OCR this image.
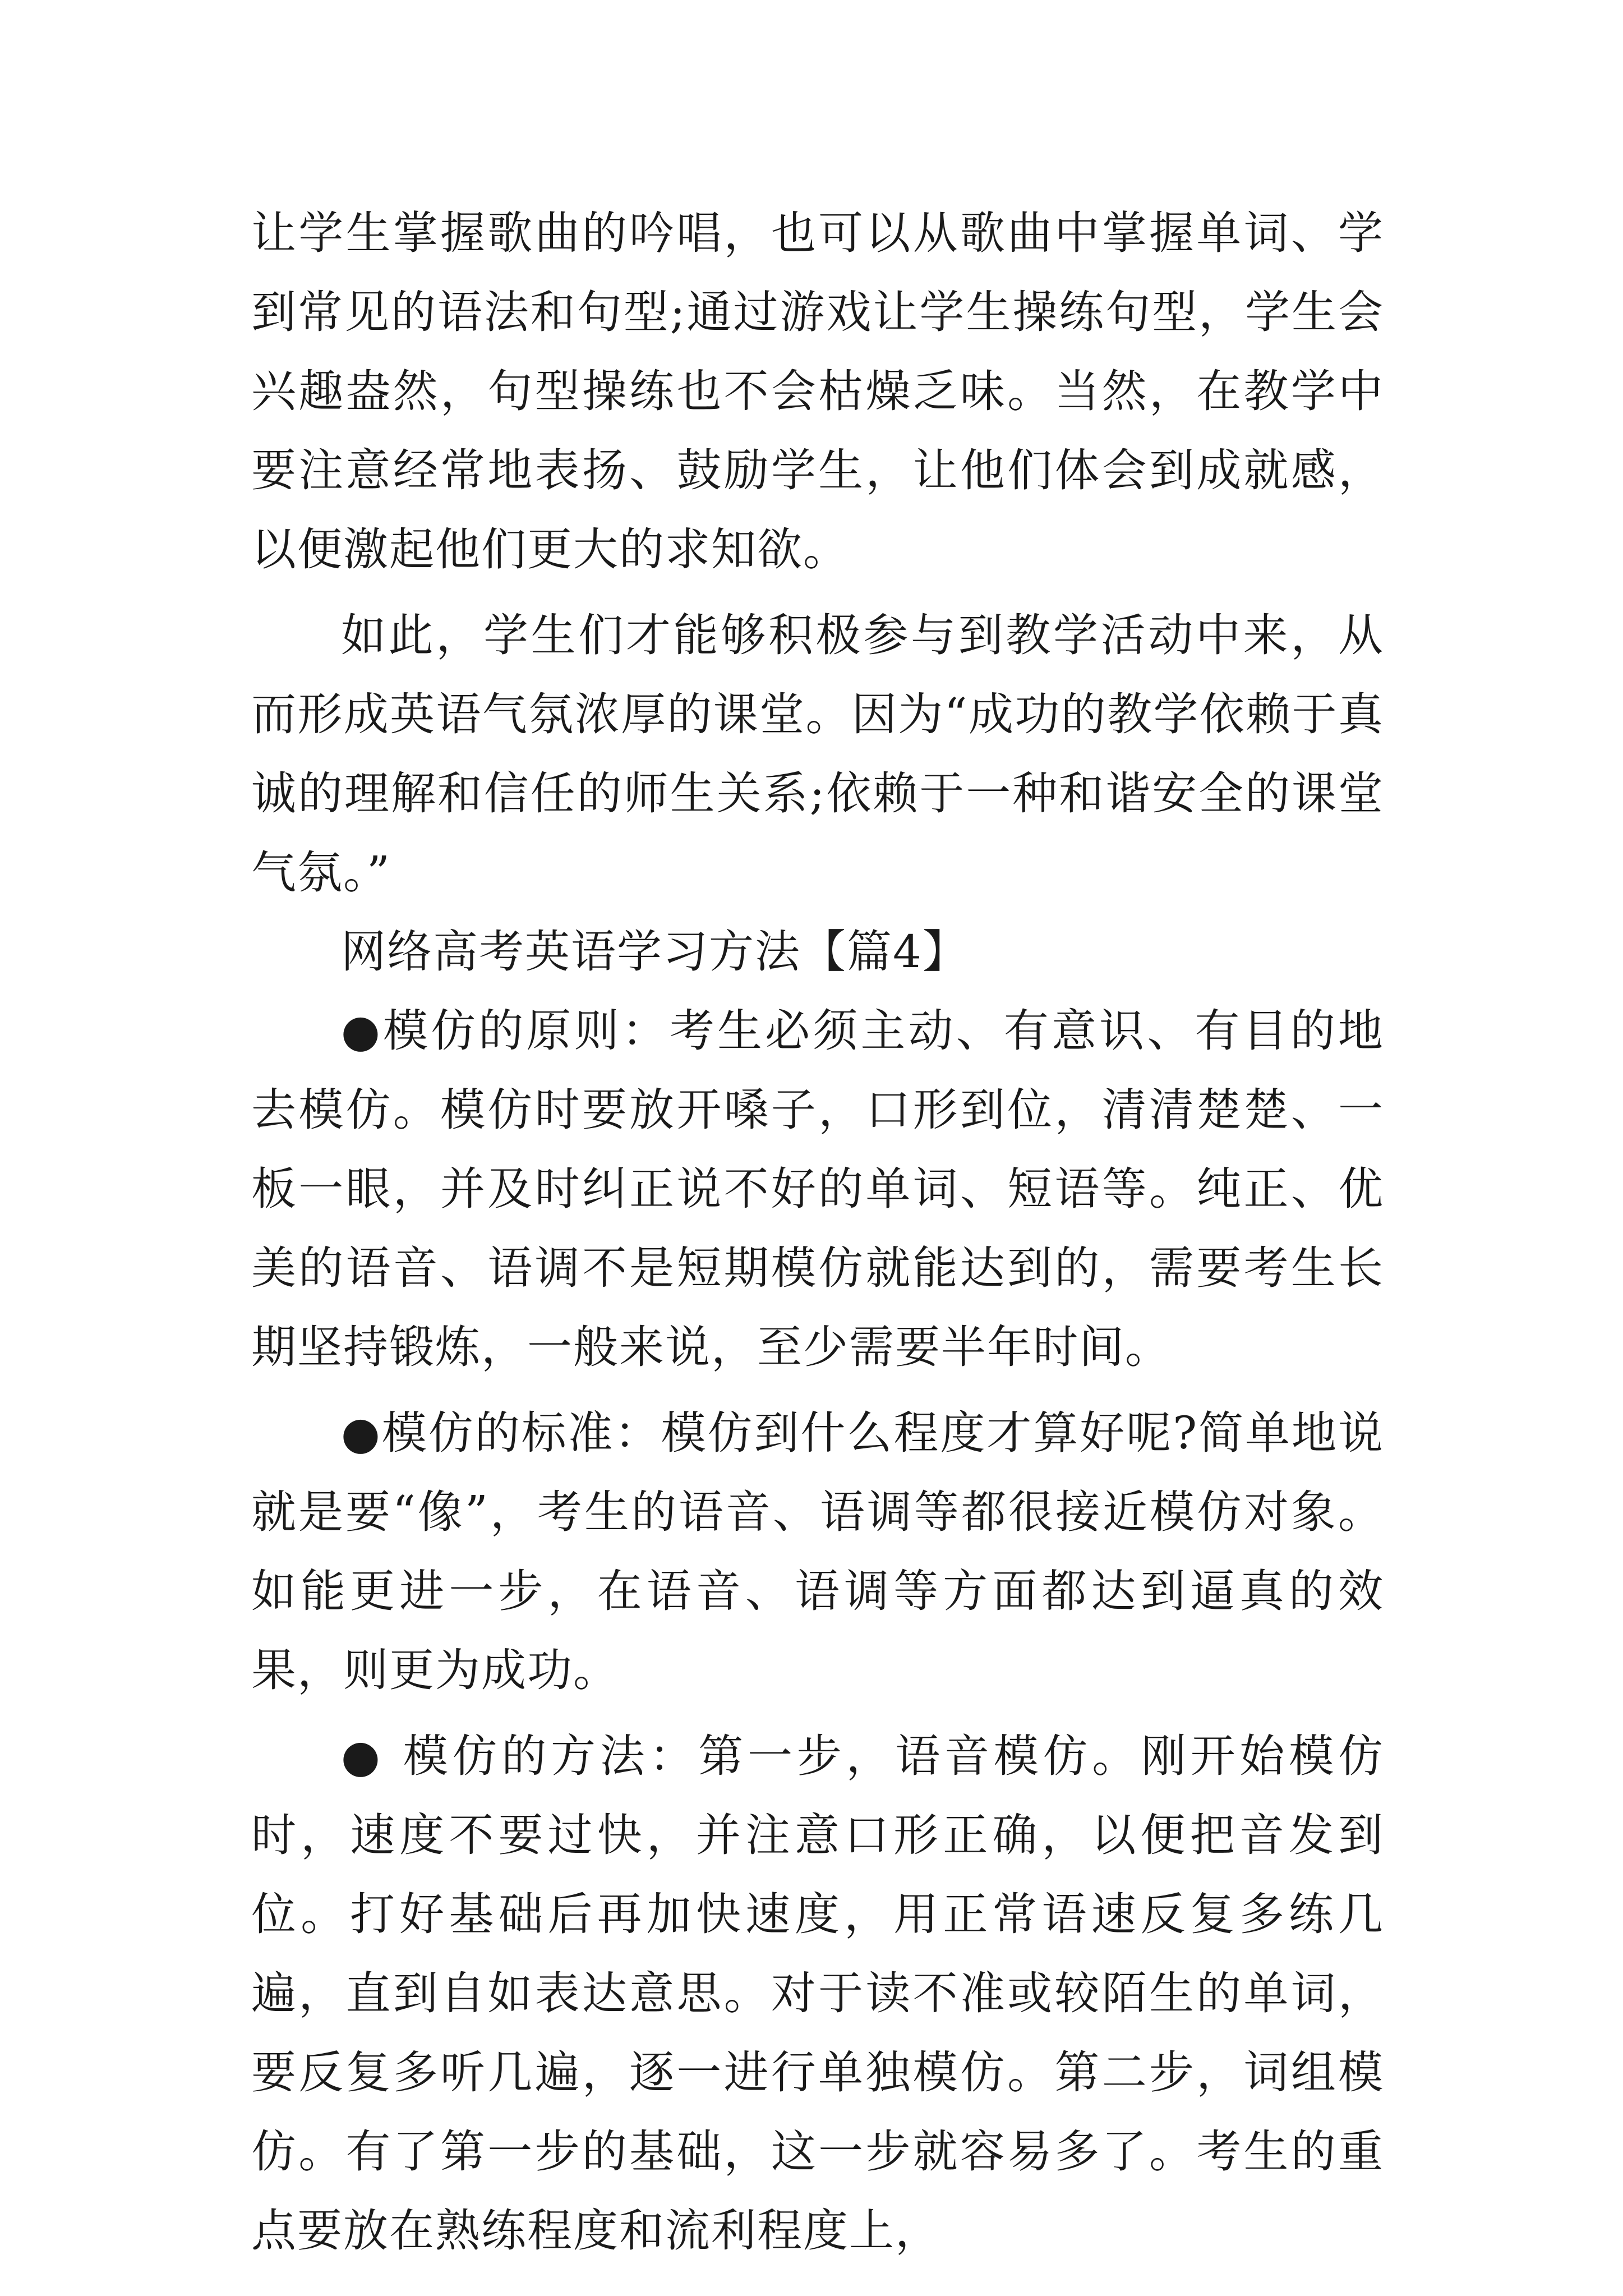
让学生掌握歌曲的吟唱，也可以从歌曲中掌握单词、学到常见的语法和句型;通过游戏让学生操练句型，学生会兴趣盎然，句型操练也不会枯燥乏味。当然，在教学中要注意经常地表扬、鼓励学生，让他们体会到成就感，以便激起他们更大的求知欲。

如此，学生们才能够积极参与到教学活动中来，从而形成英语气氛浓厚的课堂。因为“成功的教学依赖于真诚的理解和信任的师生关系;依赖于一种和谐安全的课堂气氛。”

网络高考英语学习方法【篇4】

●模仿的原则：考生必须主动、有意识、有目的地去模仿。模仿时要放开嗓子，口形到位，清清楚楚、一板一眼，并及时纠正说不好的单词、短语等。纯正、优美的语音、语调不是短期模仿就能达到的，需要考生长期坚持锻炼，一般来说，至少需要半年时间。

●模仿的标准：模仿到什么程度才算好呢?简单地说就是要“像”，考生的语音、语调等都很接近模仿对象。如能更进一步，在语音、语调等方面都达到逼真的效果，则更为成功。

● 模仿的方法：第一步，语音模仿。刚开始模仿时，速度不要过快，并注意口形正确，以便把音发到位。打好基础后再加快速度，用正常语速反复多练几遍，直到自如表达意思。对于读不准或较陌生的单词，要反复多听几遍，逐一进行单独模仿。第二步，词组模仿。有了第一步的基础，这一步就容易多了。考生的重点要放在熟练程度和流利程度上，
